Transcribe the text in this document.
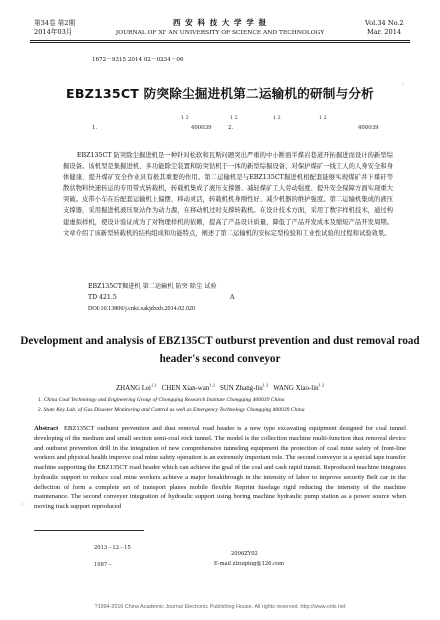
第34卷 第2期
2014年03月
西 安 科 技 大 学 学 报
JOURNAL OF XI' AN UNIVERSITY OF SCIENCE AND TECHNOLOGY
Vol.34 No.2
Mar. 2014
1672－9315 2014 02－0234－06
EBZ135CT 防突除尘掘进机第二运输机的研制与分析
1 2	1 2	1 2	1 2
1.	400039	2.	400039
EBZ135CT 防突除尘掘进机是一种针对松软和瓦斯问题突出严重的中小断面半煤岩巷道开拓掘进而设计的新型综掘设备。该机型是集掘进机、多功能除尘装置和防突钻机于一体的新型综掘设备，对保护煤矿一线工人的人身安全和身体健康、提升煤矿安全作业具有极其重要的作用。第二运输机是与EBZ135CT掘进机相配套能够实现煤矿井下煤矸等散状物料快速转运的专用带式转载机，转载机集成了液压支撑器、减轻煤矿工人劳动强度、提升安全保障方面实现重大突破。皮带小车在后配套运输机上偏摆、移动灵活，转载机机身刚性好、减少机器的维护强度。第二运输机集成的液压支撑器，采用掘进机液压泵站作为动力源，在移动机过时支撑转载机。在设计技术方面，采用了数字样机技术，通过构建虚拟样机，使设计验证成为了对物理样机的依赖，提高了产品设计质量，降低了产品开发成本及缩短产品开发周期。文章介绍了该新型转载机的结构组成和功能特点，阐述了第二运输机的安标定型检验和工业性试验的过程和试验效果。
EBZ135CT掘进机 第二运输机 防突 除尘 试验
TD 421.5	A
DOI:10.13800/j.cnki.xakjdxxb.2014.02.020
Development and analysis of EBZ135CT outburst prevention and dust removal road header's second conveyor
ZHANG Lei$^{1 2}$ CHEN Xian-wan$^{1 2}$ SUN Zhang-liu$^{1 2}$ WANG Xiao-lin$^{1 2}$
1. China Coal Technology and Engineering Group of Chongqing Research Institute Chongqing 400039 China
2. State Key Lab. of Gas Disaster Monitoring and Control as well as Emergency Technology Chongqing 400039 China
Abstract EBZ135CT outburst prevention and dust removal road header is a new type excavating equipment designed for coal tunnel developing of the medium and small section semi-coal rock tunnel. The model is the collection machine multi-function dust removal device and outburst prevention drill in the integration of new comprehensive tunneling equipment the protection of coal mine safety of front-line workers and physical health improve coal mine safety operation is an extremely important role. The second conveyor is a special tape transfer machine supporting the EBZ135CT road header which can achieve the goal of the coal and cash rapid transit. Reproduced machine integrates hydraulic support to reduce coal mine workers achieve a major breakthrough in the intensity of labor to improve security Belt car in the deflection of form a complete set of transport planes mobile flexible Reprint fuselage rigid reducing the intensity of the machine maintenance. The second conveyer integration of hydraulic support using boring machine hydraulic pump station as a power source when moving track support reproduced
2013－12－15
2006ZY02
1987－	E-mail zlzuiping@126.com
✦
✦
?1994-2016 China Academic Journal Electronic Publishing House. All rights reserved. http://www.cnki.net
